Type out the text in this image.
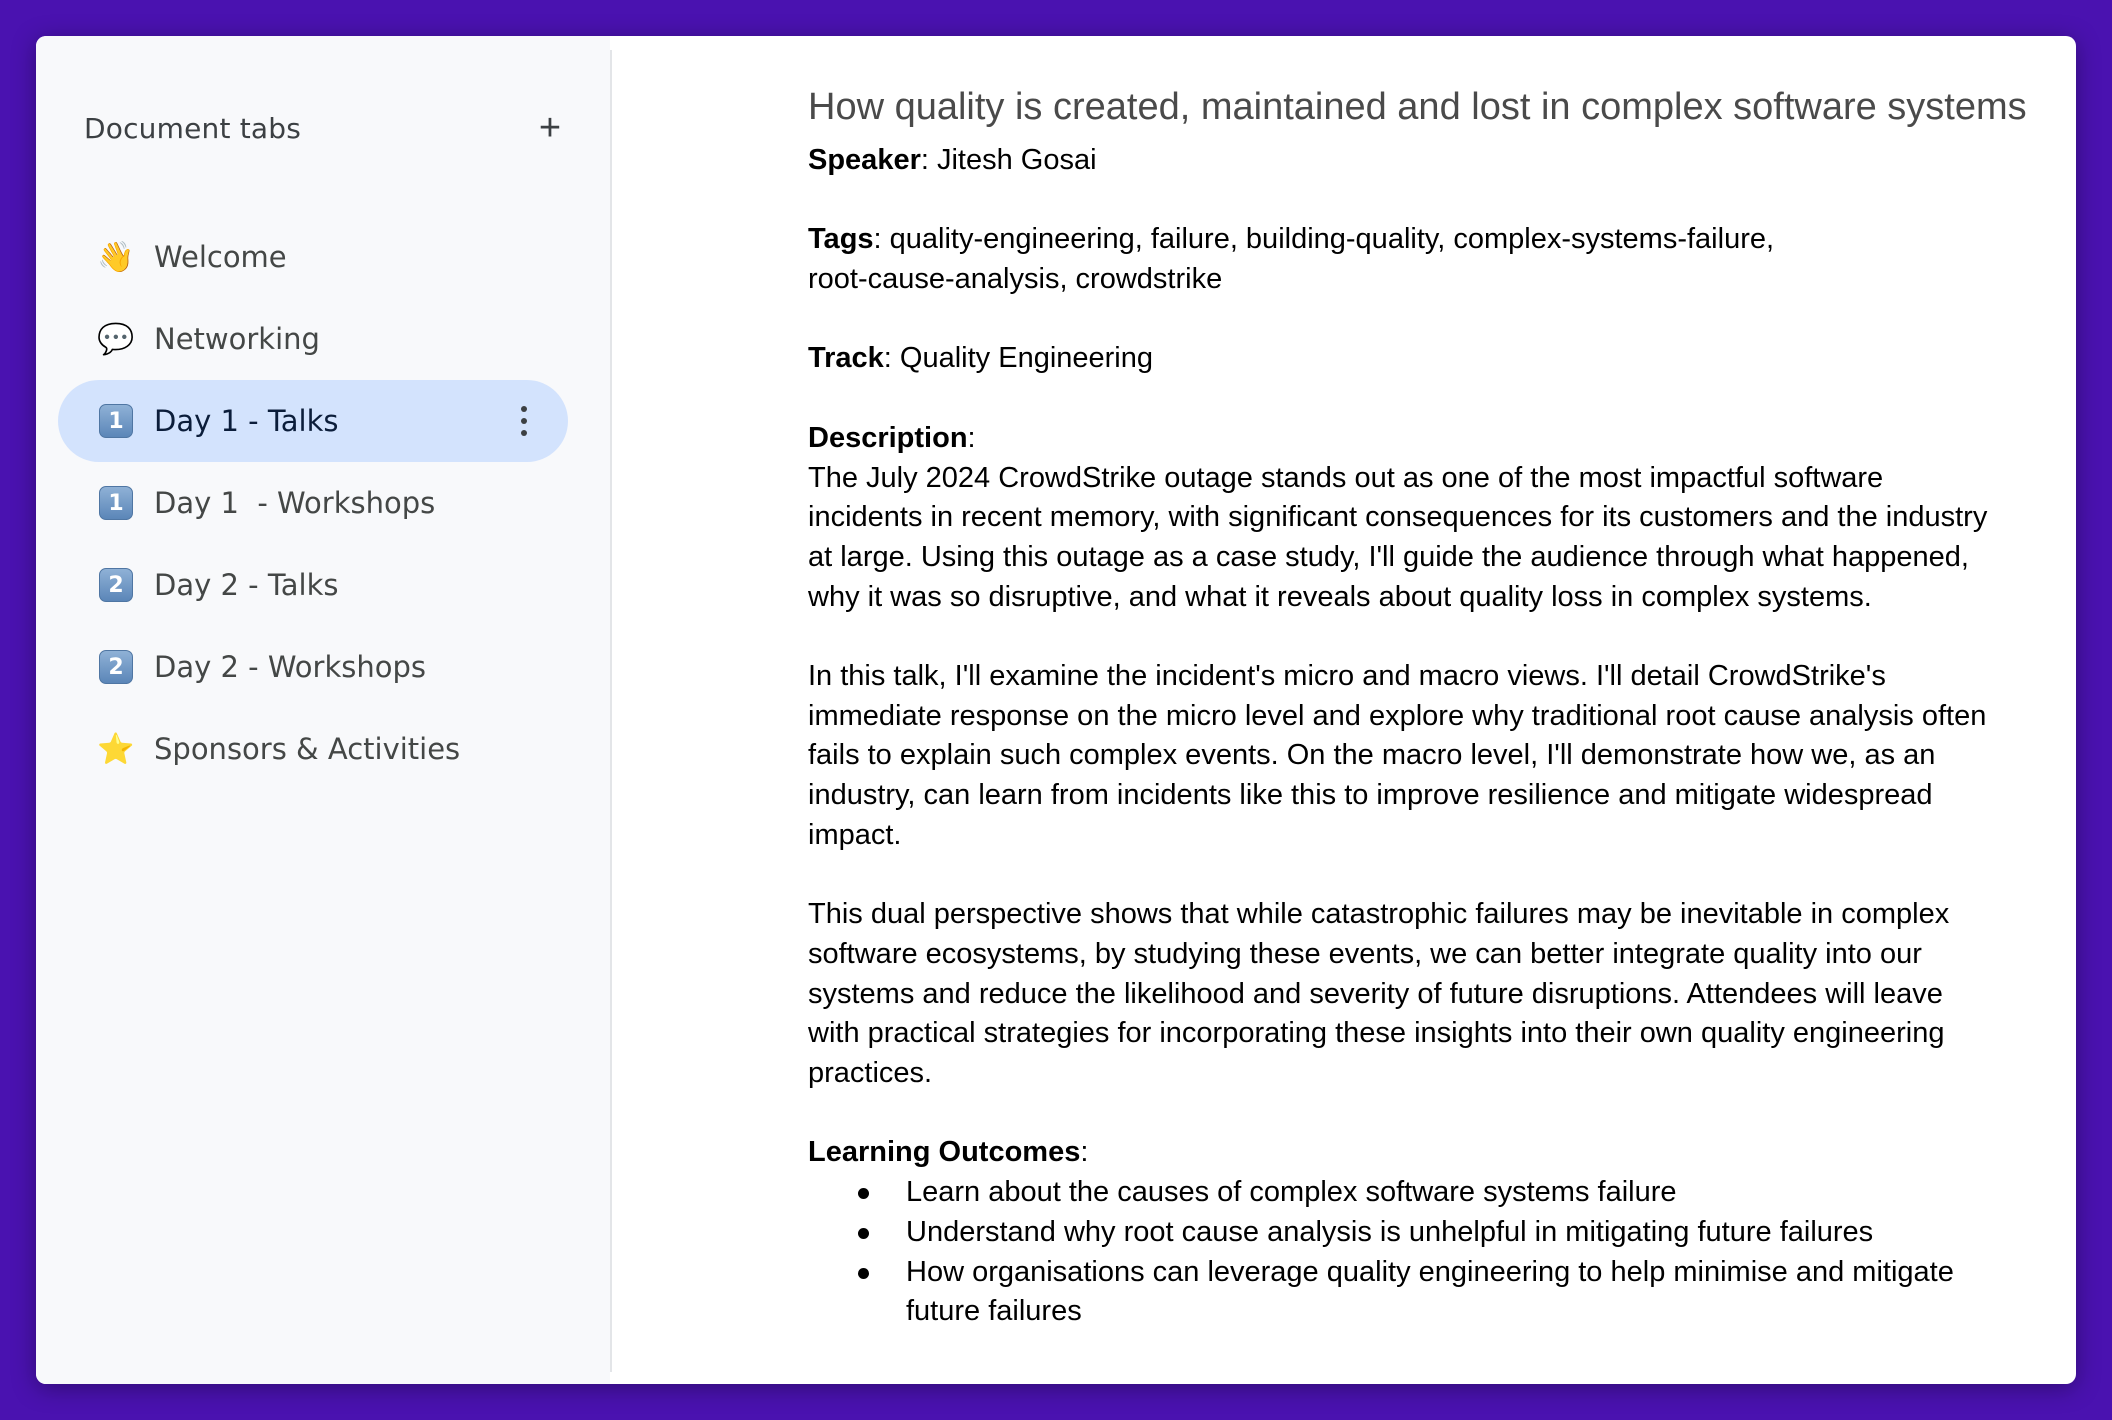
Document tabs	+
👋 Welcome
💬 Networking
1	Day 1 - Talks
1	Day 1  - Workshops
2	Day 2 - Talks
2	Day 2 - Workshops
⭐ Sponsors & Activities
How quality is created, maintained and lost in complex software systems

Speaker: Jitesh Gosai

Tags: quality-engineering, failure, building-quality, complex-systems-failure,
root-cause-analysis, crowdstrike

Track: Quality Engineering

Description:

The July 2024 CrowdStrike outage stands out as one of the most impactful software
incidents in recent memory, with significant consequences for its customers and the industry
at large. Using this outage as a case study, I'll guide the audience through what happened,
why it was so disruptive, and what it reveals about quality loss in complex systems.

In this talk, I'll examine the incident's micro and macro views. I'll detail CrowdStrike's
immediate response on the micro level and explore why traditional root cause analysis often
fails to explain such complex events. On the macro level, I'll demonstrate how we, as an
industry, can learn from incidents like this to improve resilience and mitigate widespread
impact.

This dual perspective shows that while catastrophic failures may be inevitable in complex
software ecosystems, by studying these events, we can better integrate quality into our
systems and reduce the likelihood and severity of future disruptions. Attendees will leave
with practical strategies for incorporating these insights into their own quality engineering
practices.

Learning Outcomes:

Learn about the causes of complex software systems failure
Understand why root cause analysis is unhelpful in mitigating future failures
How organisations can leverage quality engineering to help minimise and mitigate
future failures
